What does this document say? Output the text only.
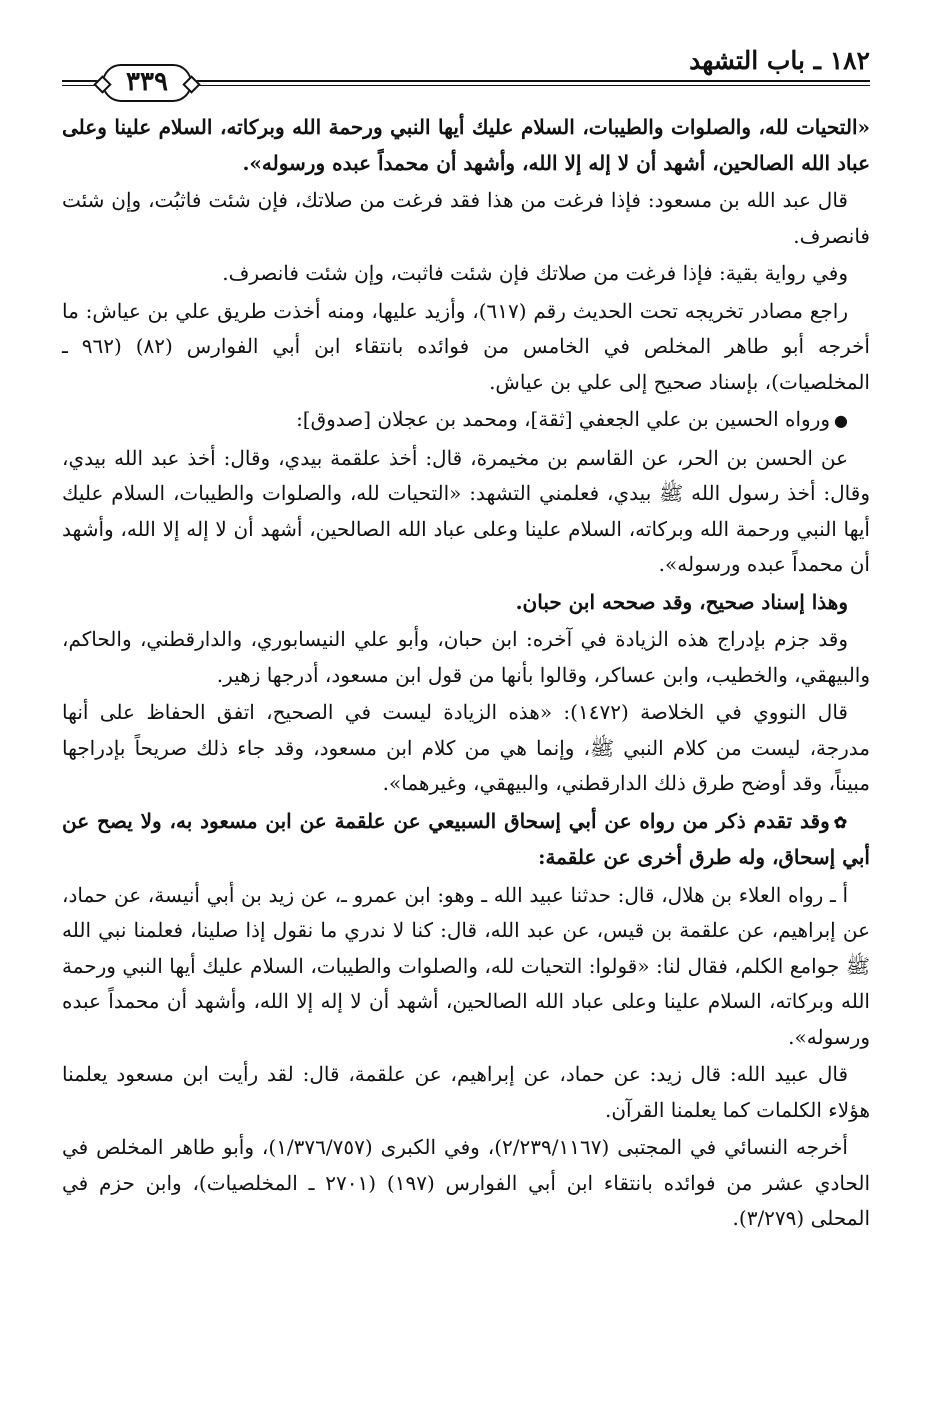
١٨٢ ـ باب التشهد
٣٣٩

«التحيات لله، والصلوات والطيبات، السلام عليك أيها النبي ورحمة الله وبركاته، السلام علينا وعلى عباد الله الصالحين، أشهد أن لا إله إلا الله، وأشهد أن محمداً عبده ورسوله».

قال عبد الله بن مسعود: فإذا فرغت من هذا فقد فرغت من صلاتك، فإن شئت فاثبُت، وإن شئت فانصرف.

وفي رواية بقية: فإذا فرغت من صلاتك فإن شئت فاثبت، وإن شئت فانصرف.

راجع مصادر تخريجه تحت الحديث رقم (٦١٧)، وأزيد عليها، ومنه أخذت طريق علي بن عياش: ما أخرجه أبو طاهر المخلص في الخامس من فوائده بانتقاء ابن أبي الفوارس (٨٢) (٩٦٢ ـ المخلصيات)، بإسناد صحيح إلى علي بن عياش.

●ورواه الحسين بن علي الجعفي [ثقة]، ومحمد بن عجلان [صدوق]:

عن الحسن بن الحر، عن القاسم بن مخيمرة، قال: أخذ علقمة بيدي، وقال: أخذ عبد الله بيدي، وقال: أخذ رسول الله ﷺ بيدي، فعلمني التشهد: «التحيات لله، والصلوات والطيبات، السلام عليك أيها النبي ورحمة الله وبركاته، السلام علينا وعلى عباد الله الصالحين، أشهد أن لا إله إلا الله، وأشهد أن محمداً عبده ورسوله».

وهذا إسناد صحيح، وقد صححه ابن حبان.

وقد جزم بإدراج هذه الزيادة في آخره: ابن حبان، وأبو علي النيسابوري، والدارقطني، والحاكم، والبيهقي، والخطيب، وابن عساكر، وقالوا بأنها من قول ابن مسعود، أدرجها زهير.

قال النووي في الخلاصة (١٤٧٢): «هذه الزيادة ليست في الصحيح، اتفق الحفاظ على أنها مدرجة، ليست من كلام النبي ﷺ، وإنما هي من كلام ابن مسعود، وقد جاء ذلك صريحاً بإدراجها مبيناً، وقد أوضح طرق ذلك الدارقطني، والبيهقي، وغيرهما».

✿وقد تقدم ذكر من رواه عن أبي إسحاق السبيعي عن علقمة عن ابن مسعود به، ولا يصح عن أبي إسحاق، وله طرق أخرى عن علقمة:

أ ـ رواه العلاء بن هلال، قال: حدثنا عبيد الله ـ وهو: ابن عمرو ـ، عن زيد بن أبي أنيسة، عن حماد، عن إبراهيم، عن علقمة بن قيس، عن عبد الله، قال: كنا لا ندري ما نقول إذا صلينا، فعلمنا نبي الله ﷺ جوامع الكلم، فقال لنا: «قولوا: التحيات لله، والصلوات والطيبات، السلام عليك أيها النبي ورحمة الله وبركاته، السلام علينا وعلى عباد الله الصالحين، أشهد أن لا إله إلا الله، وأشهد أن محمداً عبده ورسوله».

قال عبيد الله: قال زيد: عن حماد، عن إبراهيم، عن علقمة، قال: لقد رأيت ابن مسعود يعلمنا هؤلاء الكلمات كما يعلمنا القرآن.

أخرجه النسائي في المجتبى (٢/٢٣٩/١١٦٧)، وفي الكبرى (١/٣٧٦/٧٥٧)، وأبو طاهر المخلص في الحادي عشر من فوائده بانتقاء ابن أبي الفوارس (١٩٧) (٢٧٠١ ـ المخلصيات)، وابن حزم في المحلى (٣/٢٧٩).
